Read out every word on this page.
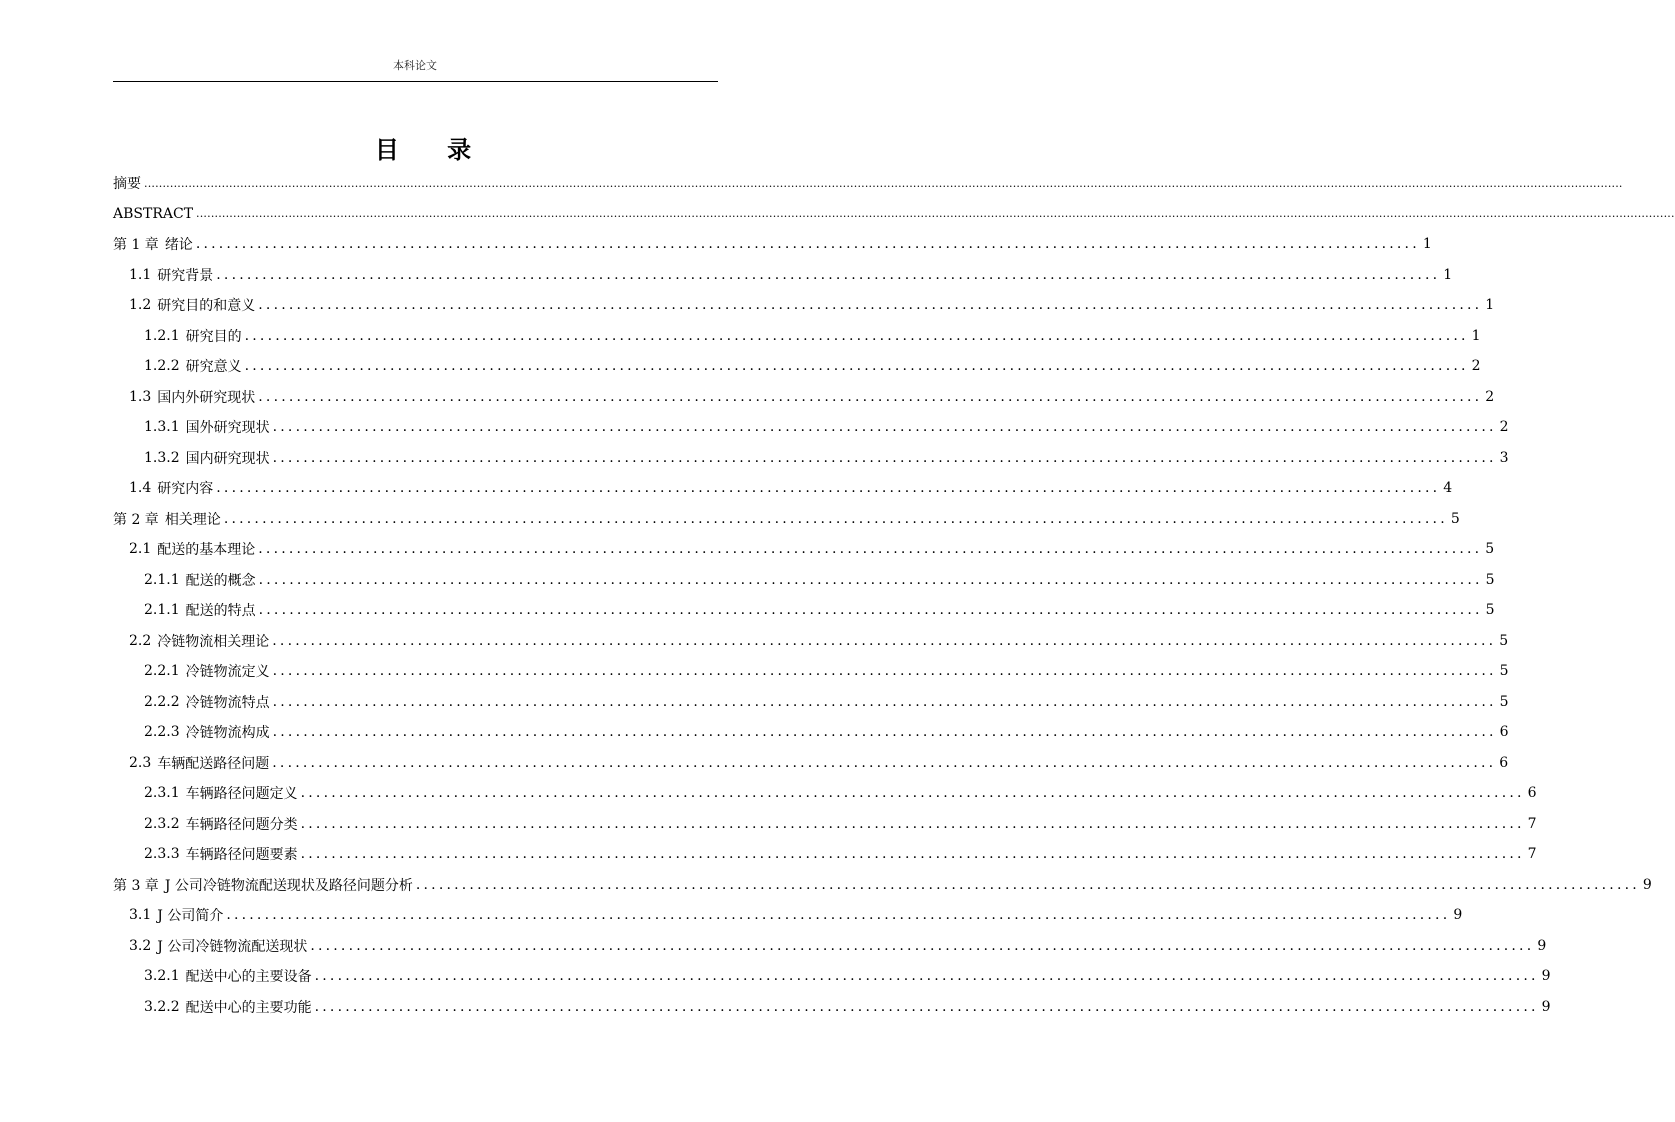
本科论文
目 录
摘要 ................................................................................................................................................................................................................................................................................................................................................................................................................
ABSTRACT ................................................................................................................................................................................................................................................................................................................................................................................................................
第 1 章 绪论 ................................................................................................................................................................ 1
1.1 研究背景 ................................................................................................................................................................ 1
1.2 研究目的和意义 ................................................................................................................................................................ 1
1.2.1 研究目的 ................................................................................................................................................................ 1
1.2.2 研究意义 ................................................................................................................................................................ 2
1.3 国内外研究现状 ................................................................................................................................................................ 2
1.3.1 国外研究现状 ................................................................................................................................................................ 2
1.3.2 国内研究现状 ................................................................................................................................................................ 3
1.4 研究内容 ................................................................................................................................................................ 4
第 2 章 相关理论 ................................................................................................................................................................ 5
2.1 配送的基本理论 ................................................................................................................................................................ 5
2.1.1 配送的概念 ................................................................................................................................................................ 5
2.1.1 配送的特点 ................................................................................................................................................................ 5
2.2 冷链物流相关理论 ................................................................................................................................................................ 5
2.2.1 冷链物流定义 ................................................................................................................................................................ 5
2.2.2 冷链物流特点 ................................................................................................................................................................ 5
2.2.3 冷链物流构成 ................................................................................................................................................................ 6
2.3 车辆配送路径问题 ................................................................................................................................................................ 6
2.3.1 车辆路径问题定义 ................................................................................................................................................................ 6
2.3.2 车辆路径问题分类 ................................................................................................................................................................ 7
2.3.3 车辆路径问题要素 ................................................................................................................................................................ 7
第 3 章 J 公司冷链物流配送现状及路径问题分析 ................................................................................................................................................................ 9
3.1 J 公司简介 ................................................................................................................................................................ 9
3.2 J 公司冷链物流配送现状 ................................................................................................................................................................ 9
3.2.1 配送中心的主要设备 ................................................................................................................................................................ 9
3.2.2 配送中心的主要功能 ................................................................................................................................................................ 9
